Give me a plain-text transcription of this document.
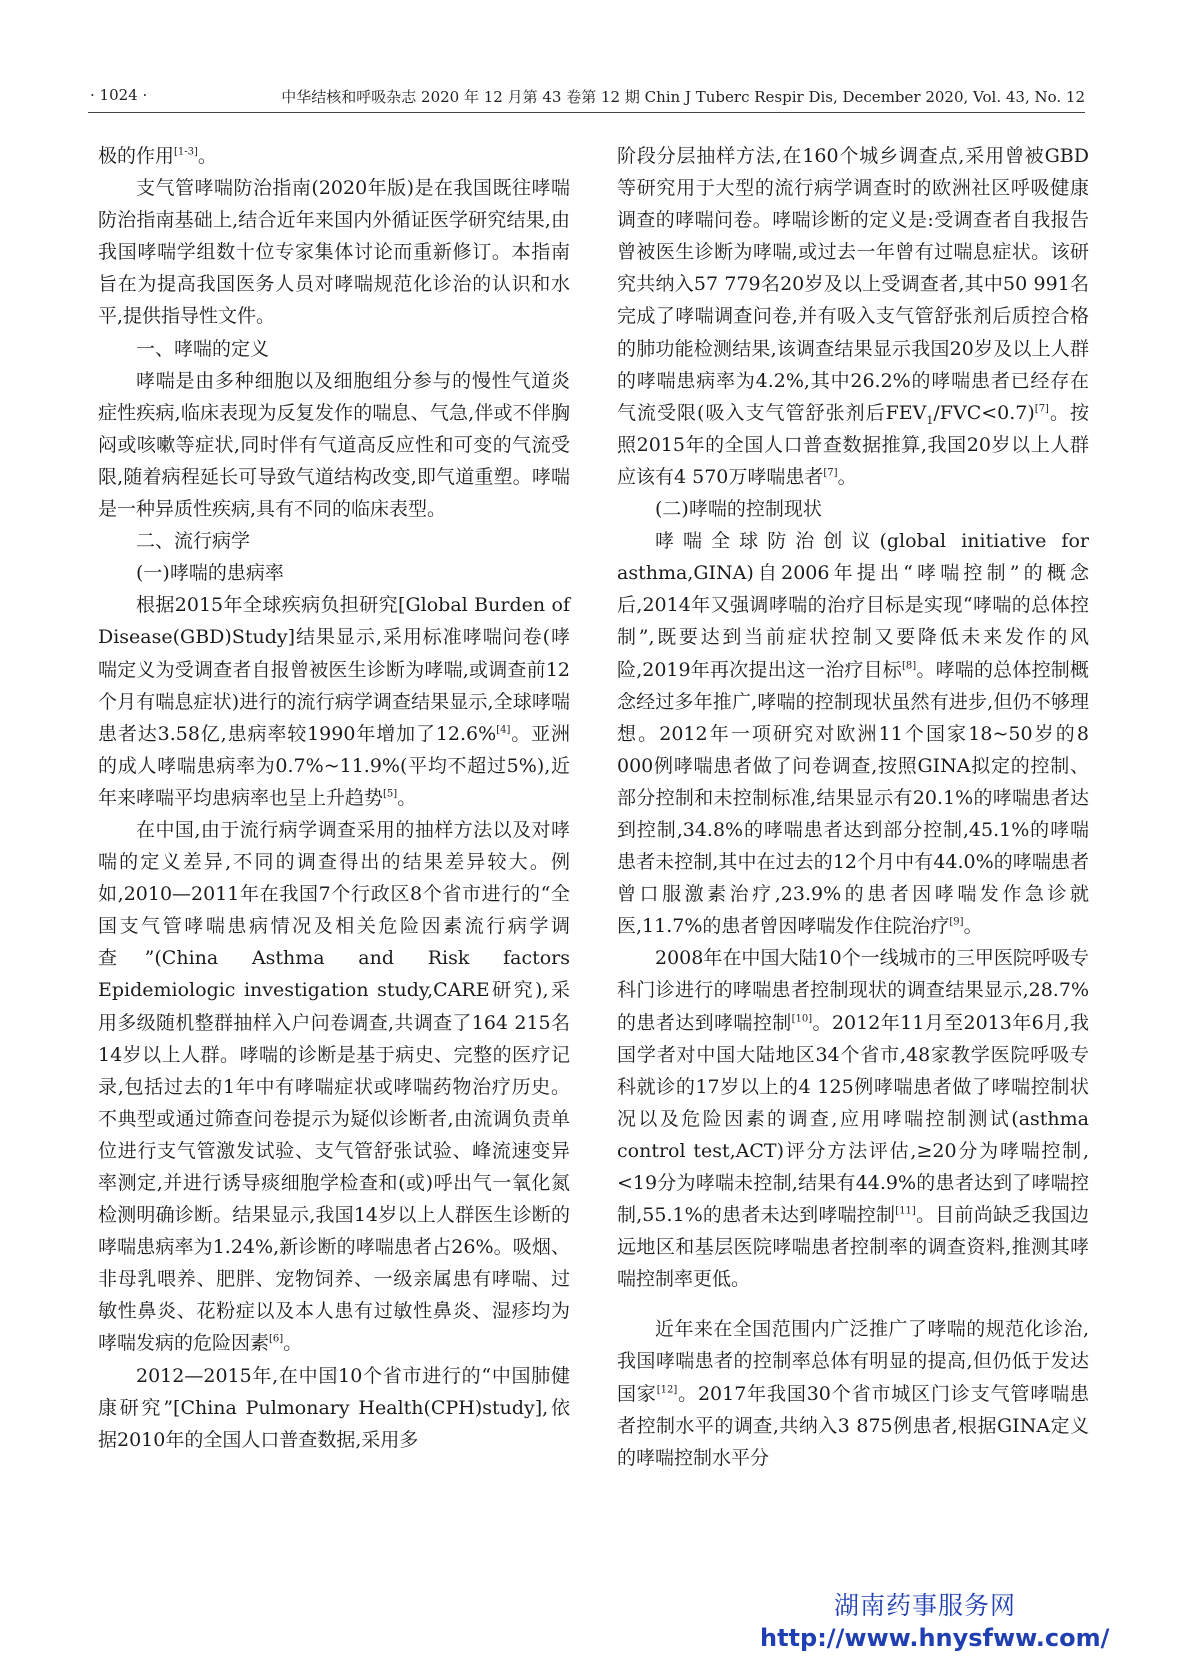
· 1024 ·	中华结核和呼吸杂志 2020 年 12 月第 43 卷第 12 期 Chin J Tuberc Respir Dis, December 2020, Vol. 43, No. 12

极的作用[1-3]。

支气管哮喘防治指南(2020年版)是在我国既往哮喘防治指南基础上,结合近年来国内外循证医学研究结果,由我国哮喘学组数十位专家集体讨论而重新修订。本指南旨在为提高我国医务人员对哮喘规范化诊治的认识和水平,提供指导性文件。

一、哮喘的定义

哮喘是由多种细胞以及细胞组分参与的慢性气道炎症性疾病,临床表现为反复发作的喘息、气急,伴或不伴胸闷或咳嗽等症状,同时伴有气道高反应性和可变的气流受限,随着病程延长可导致气道结构改变,即气道重塑。哮喘是一种异质性疾病,具有不同的临床表型。

二、流行病学

(一)哮喘的患病率

根据2015年全球疾病负担研究[Global Burden of Disease(GBD)Study]结果显示,采用标准哮喘问卷(哮喘定义为受调查者自报曾被医生诊断为哮喘,或调查前12个月有喘息症状)进行的流行病学调查结果显示,全球哮喘患者达3.58亿,患病率较1990年增加了12.6%[4]。亚洲的成人哮喘患病率为0.7%~11.9%(平均不超过5%),近年来哮喘平均患病率也呈上升趋势[5]。

在中国,由于流行病学调查采用的抽样方法以及对哮喘的定义差异,不同的调查得出的结果差异较大。例如,2010—2011年在我国7个行政区8个省市进行的“全国支气管哮喘患病情况及相关危险因素流行病学调查”(China Asthma and Risk factors Epidemiologic investigation study,CARE研究),采用多级随机整群抽样入户问卷调查,共调查了164 215名14岁以上人群。哮喘的诊断是基于病史、完整的医疗记录,包括过去的1年中有哮喘症状或哮喘药物治疗历史。不典型或通过筛查问卷提示为疑似诊断者,由流调负责单位进行支气管激发试验、支气管舒张试验、峰流速变异率测定,并进行诱导痰细胞学检查和(或)呼出气一氧化氮检测明确诊断。结果显示,我国14岁以上人群医生诊断的哮喘患病率为1.24%,新诊断的哮喘患者占26%。吸烟、非母乳喂养、肥胖、宠物饲养、一级亲属患有哮喘、过敏性鼻炎、花粉症以及本人患有过敏性鼻炎、湿疹均为哮喘发病的危险因素[6]。

2012—2015年,在中国10个省市进行的“中国肺健康研究”[China Pulmonary Health(CPH)study],依据2010年的全国人口普查数据,采用多

阶段分层抽样方法,在160个城乡调查点,采用曾被GBD等研究用于大型的流行病学调查时的欧洲社区呼吸健康调查的哮喘问卷。哮喘诊断的定义是:受调查者自我报告曾被医生诊断为哮喘,或过去一年曾有过喘息症状。该研究共纳入57 779名20岁及以上受调查者,其中50 991名完成了哮喘调查问卷,并有吸入支气管舒张剂后质控合格的肺功能检测结果,该调查结果显示我国20岁及以上人群的哮喘患病率为4.2%,其中26.2%的哮喘患者已经存在气流受限(吸入支气管舒张剂后$FEV_1/FVC<0.7)[7]$。按照2015年的全国人口普查数据推算,我国20岁以上人群应该有4 570万哮喘患者[7]。

(二)哮喘的控制现状

哮喘全球防治创议(global initiative for asthma,GINA)自2006年提出“哮喘控制”的概念后,2014年又强调哮喘的治疗目标是实现“哮喘的总体控制”,既要达到当前症状控制又要降低未来发作的风险,2019年再次提出这一治疗目标[8]。哮喘的总体控制概念经过多年推广,哮喘的控制现状虽然有进步,但仍不够理想。2012年一项研究对欧洲11个国家18~50岁的8 000例哮喘患者做了问卷调查,按照GINA拟定的控制、部分控制和未控制标准,结果显示有20.1%的哮喘患者达到控制,34.8%的哮喘患者达到部分控制,45.1%的哮喘患者未控制,其中在过去的12个月中有44.0%的哮喘患者曾口服激素治疗,23.9%的患者因哮喘发作急诊就医,11.7%的患者曾因哮喘发作住院治疗[9]。

2008年在中国大陆10个一线城市的三甲医院呼吸专科门诊进行的哮喘患者控制现状的调查结果显示,28.7%的患者达到哮喘控制[10]。2012年11月至2013年6月,我国学者对中国大陆地区34个省市,48家教学医院呼吸专科就诊的17岁以上的4 125例哮喘患者做了哮喘控制状况以及危险因素的调查,应用哮喘控制测试(asthma control test,ACT)评分方法评估,≥20分为哮喘控制,<19分为哮喘未控制,结果有44.9%的患者达到了哮喘控制,55.1%的患者未达到哮喘控制[11]。目前尚缺乏我国边远地区和基层医院哮喘患者控制率的调查资料,推测其哮喘控制率更低。

近年来在全国范围内广泛推广了哮喘的规范化诊治,我国哮喘患者的控制率总体有明显的提高,但仍低于发达国家[12]。2017年我国30个省市城区门诊支气管哮喘患者控制水平的调查,共纳入3 875例患者,根据GINA定义的哮喘控制水平分

湖南药事服务网
http://www.hnysfww.com/
